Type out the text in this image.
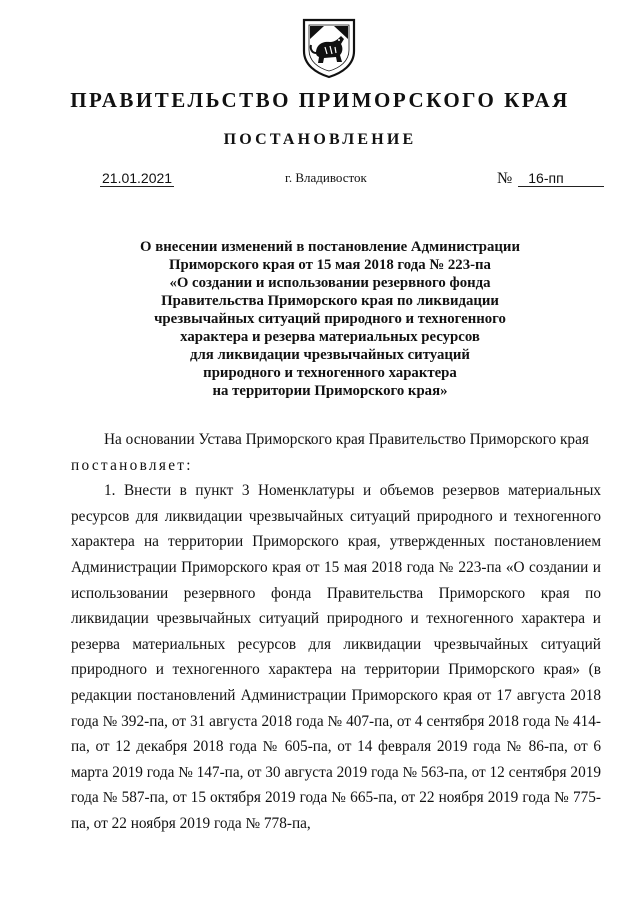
ПРАВИТЕЛЬСТВО ПРИМОРСКОГО КРАЯ
ПОСТАНОВЛЕНИЕ
21.01.2021	г. Владивосток	№ 16-пп
О внесении изменений в постановление Администрации
Приморского края от 15 мая 2018 года № 223-па
«О создании и использовании резервного фонда
Правительства Приморского края по ликвидации
чрезвычайных ситуаций природного и техногенного
характера и резерва материальных ресурсов
для ликвидации чрезвычайных ситуаций
природного и техногенного характера
на территории Приморского края»

На основании Устава Приморского края Правительство Приморского края

постановляет:

1. Внести в пункт 3 Номенклатуры и объемов резервов материальных ресурсов для ликвидации чрезвычайных ситуаций природного и техногенного характера на территории Приморского края, утвержденных постановлением Администрации Приморского края от 15 мая 2018 года № 223-па «О создании и использовании резервного фонда Правительства Приморского края по ликвидации чрезвычайных ситуаций природного и техногенного характера и резерва материальных ресурсов для ликвидации чрезвычайных ситуаций природного и техногенного характера на территории Приморского края» (в редакции постановлений Администрации Приморского края от 17 августа 2018 года № 392-па, от 31 августа 2018 года № 407-па, от 4 сентября 2018 года № 414-па, от 12 декабря 2018 года № 605-па, от 14 февраля 2019 года № 86-па, от 6 марта 2019 года № 147-па, от 30 августа 2019 года № 563-па, от 12 сентября 2019 года № 587-па, от 15 октября 2019 года № 665-па, от 22 ноября 2019 года № 775-па, от 22 ноября 2019 года № 778-па,
